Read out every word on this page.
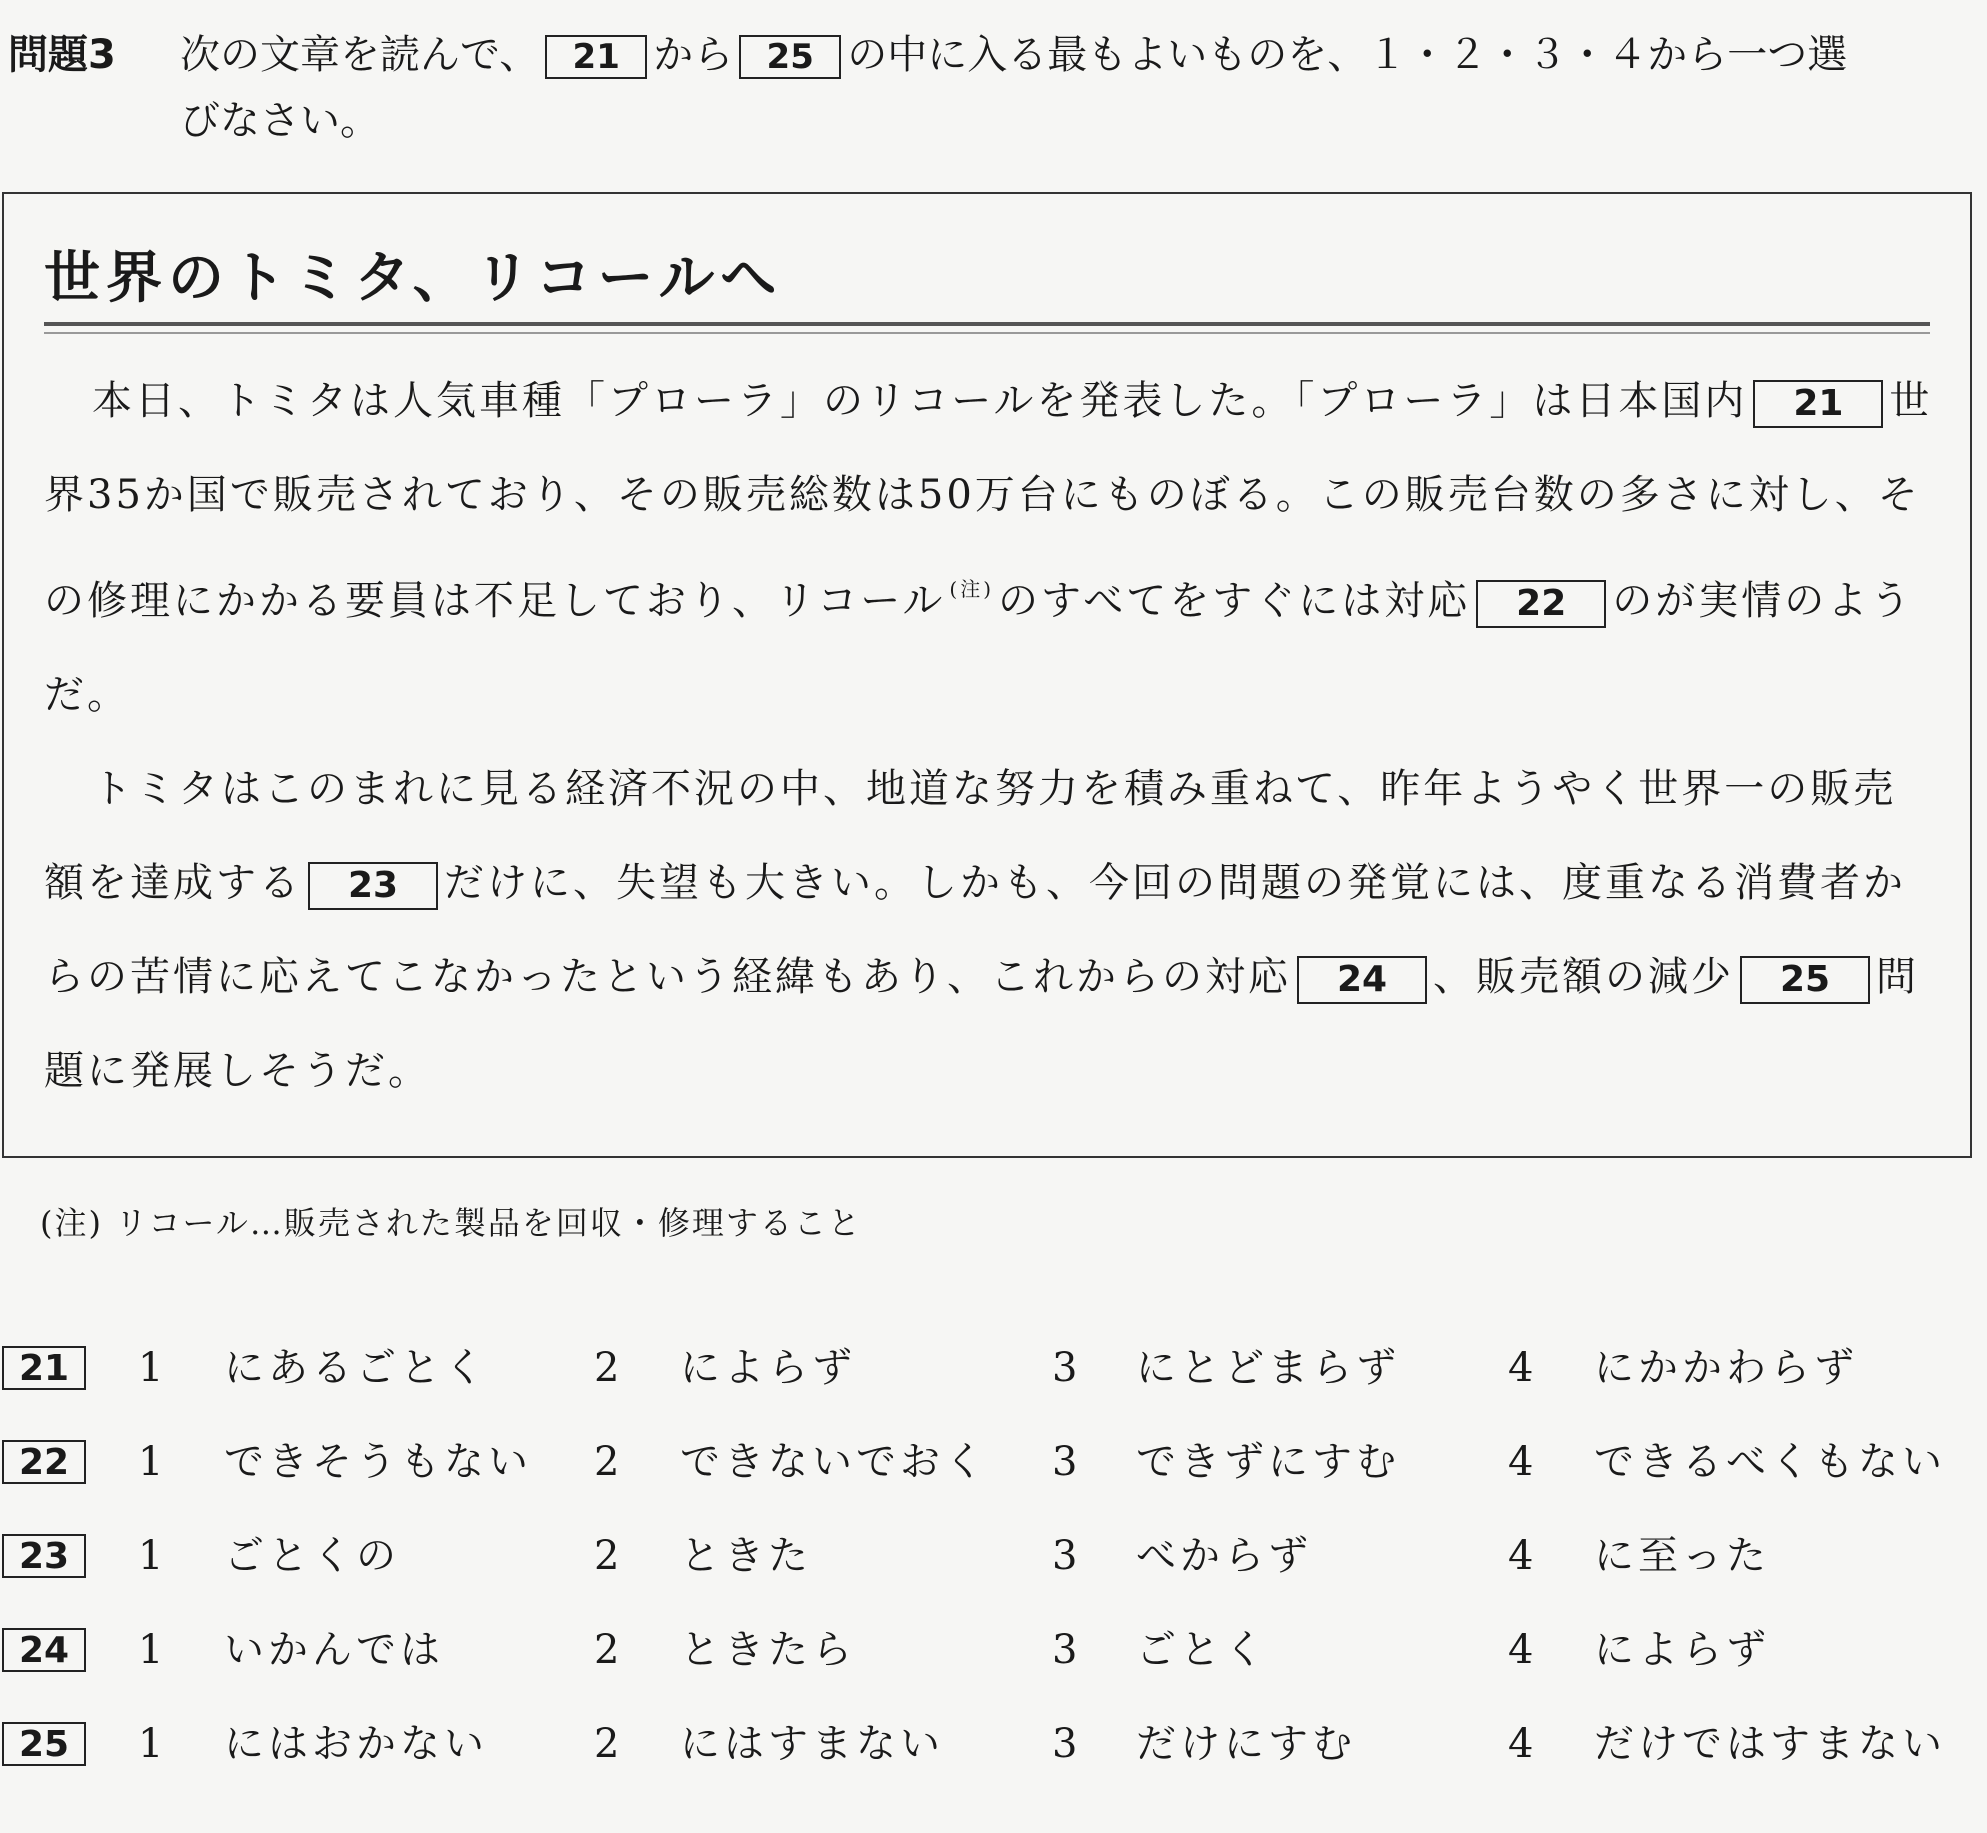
問題3 次の文章を読んで、 21 から 25 の中に入る最もよいものを、１・２・３・４から一つ選
びなさい。
世界のトミタ、リコールへ

本日、トミタは人気車種「プローラ」のリコールを発表した。「プローラ」は日本国内 21 世界35か国で販売されており、その販売総数は50万台にものぼる。この販売台数の多さに対し、その修理にかかる要員は不足しており、リコール $^{(注)}$ のすべてをすぐには対応 22 のが実情のようだ。

トミタはこのまれに見る経済不況の中、地道な努力を積み重ねて、昨年ようやく世界一の販売額を達成する 23 だけに、失望も大きい。しかも、今回の問題の発覚には、度重なる消費者からの苦情に応えてこなかったという経緯もあり、これからの対応 24 、販売額の減少 25 問題に発展しそうだ。

(注) リコール…販売された製品を回収・修理すること
21	1 にあるごとく	2 によらず	3 にとどまらず	4 にかかわらず
22	1 できそうもない 2 できないでおく 3 できずにすむ	4 できるべくもない
23	1 ごとくの	2 ときた	3 べからず	4 に至った
24	1 いかんでは	2 ときたら	3 ごとく	4 によらず
25	1 にはおかない	2 にはすまない	3 だけにすむ	4 だけではすまない
